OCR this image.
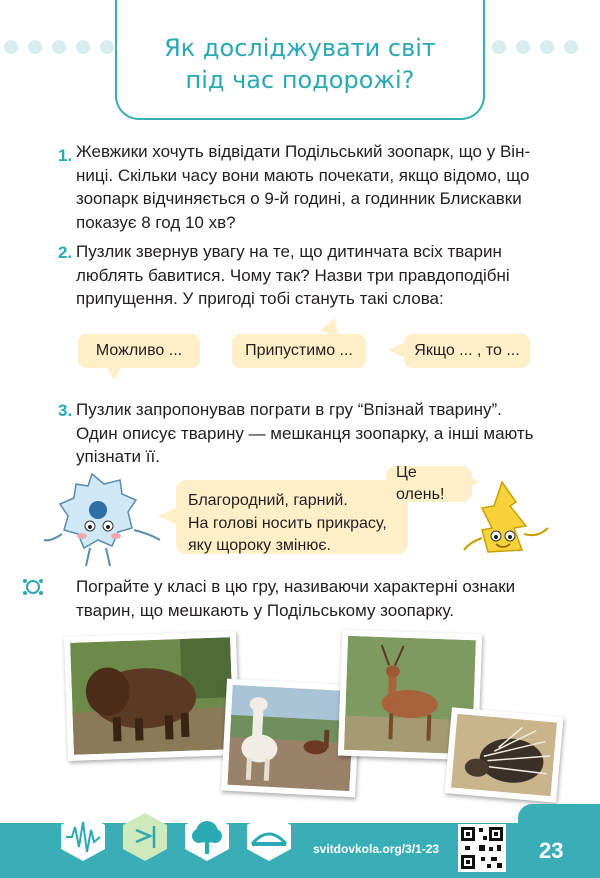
Як досліджувати світ
під час подорожі?
1. Жевжики хочуть відвідати Подільський зоопарк, що у Він-
ниці. Скільки часу вони мають почекати, якщо відомо, що
зоопарк відчиняється о 9-й годині, а годинник Блискавки
показує 8 год 10 хв?
2. Пузлик звернув увагу на те, що дитинчата всіх тварин
люблять бавитися. Чому так? Назви три правдоподібні
припущення. У пригоді тобі стануть такі слова:
Можливо ...	Припустимо ...	Якщо ... , то ...
3. Пузлик запропонував пограти в гру “Впізнай тварину”.
Один описує тварину — мешканця зоопарку, а інші мають
упізнати її.
Благородний, гарний.
На голові носить прикрасу,
яку щороку змінює.
Це олень!
Пограйте у класі в цю гру, називаючи характерні ознаки
тварин, що мешкають у Подільському зоопарку.
svitdovkola.org/3/1-23	23
